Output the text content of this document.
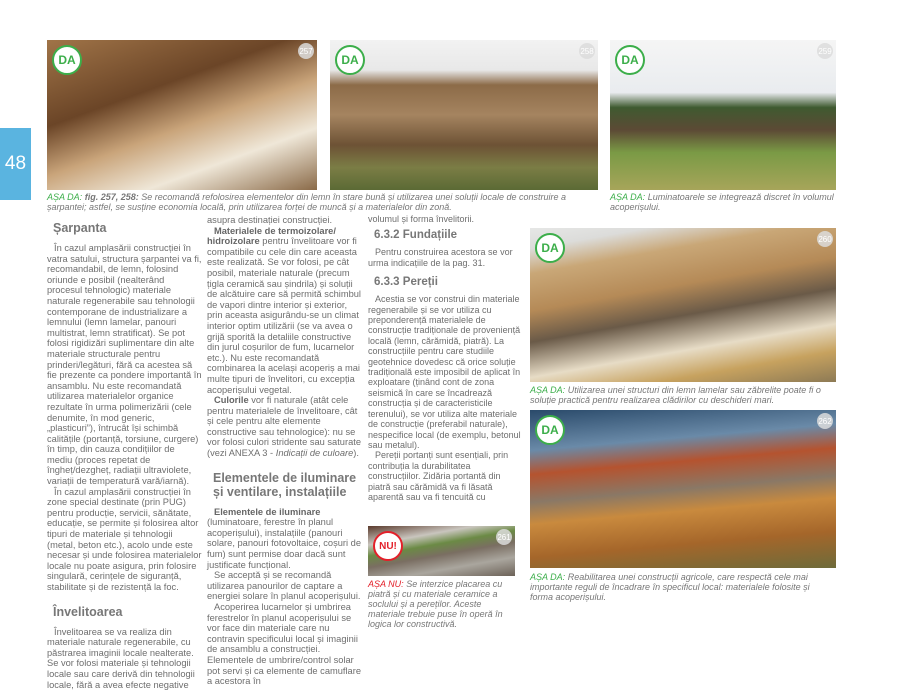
48
DA
257
DA
258
DA
259
AȘA DA: fig. 257, 258: Se recomandă refolosirea elementelor din lemn în stare bună și utilizarea unei soluții locale de construire a șarpantei; astfel, se susține economia locală, prin utilizarea forței de muncă și a materialelor din zonă.
AȘA DA: Luminatoarele se integrează discret în volumul acoperișului.
Șarpanta

În cazul amplasării construcției în vatra satului, structura șarpantei va fi, recomandabil, de lemn, folosind oriunde e posibil (nealterând procesul tehnologic) materiale naturale regenerabile sau tehnologii contemporane de industrializare a lemnului (lemn lamelar, panouri multistrat, lemn stratificat). Se pot folosi rigidizări suplimentare din alte materiale structurale pentru prinderi/legături, fără ca acestea să fie prezente ca pondere importantă în ansamblu. Nu este recomandată utilizarea materialelor organice rezultate în urma polimerizării (cele denumite, în mod generic, „plasticuri”), întrucât își schimbă calitățile (portanță, torsiune, curgere) în timp, din cauza condițiilor de mediu (proces repetat de îngheț/dezgheț, radiații ultraviolete, variații de temperatură vară/iarnă).

În cazul amplasării construcției în zone special destinate (prin PUG) pentru producție, servicii, sănătate, educație, se permite și folosirea altor tipuri de materiale și tehnologii (metal, beton etc.), acolo unde este necesar și unde folosirea materialelor locale nu poate asigura, prin folosire singulară, cerințele de siguranță, stabilitate și de rezistență la foc.

Învelitoarea

Învelitoarea se va realiza din materiale naturale regenerabile, cu păstrarea imaginii locale nealterate. Se vor folosi materiale și tehnologii locale sau care derivă din tehnologii locale, fără a avea efecte negative

asupra destinației construcției.

Materialele de termoizolare/ hidroizolare pentru învelitoare vor fi compatibile cu cele din care aceasta este realizată. Se vor folosi, pe cât posibil, materiale naturale (precum țigla ceramică sau șindrila) și soluții de alcătuire care să permită schimbul de vapori dintre interior și exterior, prin aceasta asigurându-se un climat interior optim utilizării (se va avea o grijă sporită la detaliile constructive din jurul coșurilor de fum, lucarnelor etc.). Nu este recomandată combinarea la același acoperiș a mai multe tipuri de învelitori, cu excepția acoperișului vegetal.

Culorile vor fi naturale (atât cele pentru materialele de învelitoare, cât și cele pentru alte elemente constructive sau tehnologice): nu se vor folosi culori stridente sau saturate (vezi ANEXA 3 - Indicații de culoare).

Elementele de iluminare și ventilare, instalațiile

Elementele de iluminare (luminatoare, ferestre în planul acoperișului), instalațiile (panouri solare, panouri fotovoltaice, coșuri de fum) sunt permise doar dacă sunt justificate funcțional.

Se acceptă și se recomandă utilizarea panourilor de captare a energiei solare în planul acoperișului.

Acoperirea lucarnelor și umbrirea ferestrelor în planul acoperișului se vor face din materiale care nu contravin specificului local și imaginii de ansamblu a construcției. Elementele de umbrire/control solar pot servi și ca elemente de camuflare a acestora în

volumul și forma învelitorii.

6.3.2 Fundațiile

Pentru construirea acestora se vor urma indicațiile de la pag. 31.

6.3.3 Pereții

Acestia se vor construi din materiale regenerabile și se vor utiliza cu preponderență materialele de construcție tradiționale de proveniență locală (lemn, cărămidă, piatră). La construcțiile pentru care studiile geotehnice dovedesc că orice soluție tradițională este imposibil de aplicat în exploatare (ținând cont de zona seismică în care se încadrează construcția și de caracteristicile terenului), se vor utiliza alte materiale de construcție (preferabil naturale), nespecifice local (de exemplu, betonul sau metalul).

Pereții portanți sunt esențiali, prin contribuția la durabilitatea construcțiilor. Zidăria portantă din piatră sau cărămidă va fi lăsată aparentă sau va fi tencuită cu

NU!
261
AȘA NU: Se interzice placarea cu piatră și cu materiale ceramice a soclului și a pereților. Aceste materiale trebuie puse în operă în logica lor constructivă.
DA
260
AȘA DA: Utilizarea unei structuri din lemn lamelar sau zăbrelite poate fi o soluție practică pentru realizarea clădirilor cu deschideri mari.
DA
262
AȘA DA: Reabilitarea unei construcții agricole, care respectă cele mai importante reguli de încadrare în specificul local: materialele folosite și forma acoperișului.
